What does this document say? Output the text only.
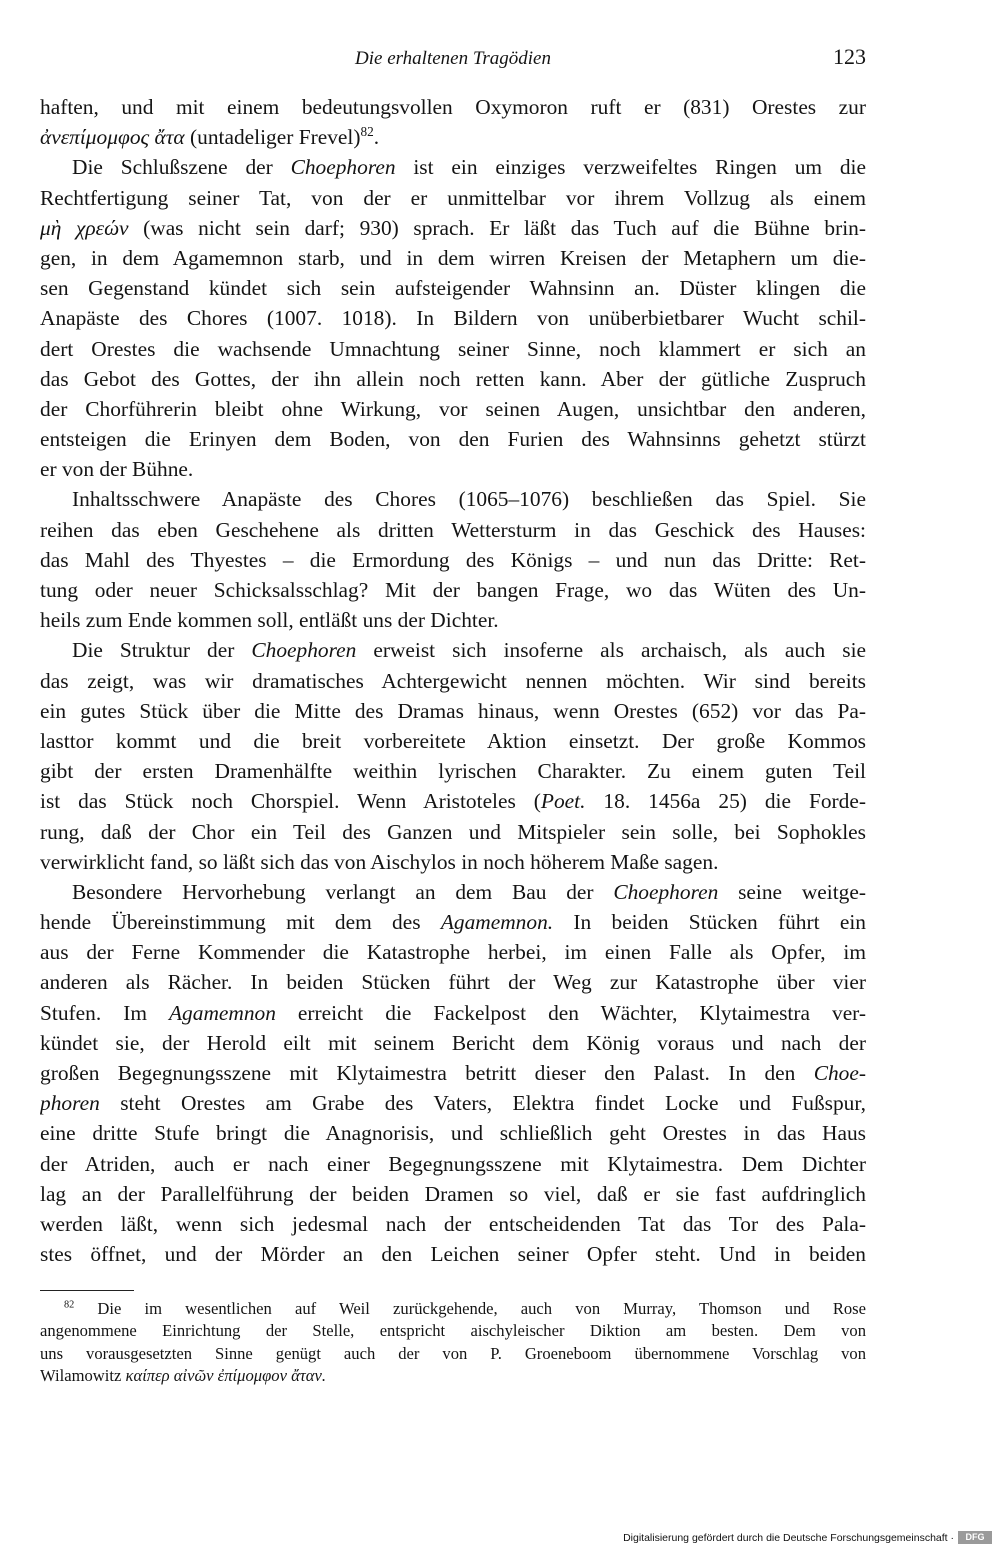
Die erhaltenen Tragödien	123
haften, und mit einem bedeutungsvollen Oxymoron ruft er (831) Orestes zur
ἀνεπίμομφος ἄτα (untadeliger Frevel)$^{82}$.
Die Schlußszene der Choephoren ist ein einziges verzweifeltes Ringen um die
Rechtfertigung seiner Tat, von der er unmittelbar vor ihrem Vollzug als einem
μὴ χρεών (was nicht sein darf; 930) sprach. Er läßt das Tuch auf die Bühne brin-
gen, in dem Agamemnon starb, und in dem wirren Kreisen der Metaphern um die-
sen Gegenstand kündet sich sein aufsteigender Wahnsinn an. Düster klingen die
Anapäste des Chores (1007. 1018). In Bildern von unüberbietbarer Wucht schil-
dert Orestes die wachsende Umnachtung seiner Sinne, noch klammert er sich an
das Gebot des Gottes, der ihn allein noch retten kann. Aber der gütliche Zuspruch
der Chorführerin bleibt ohne Wirkung, vor seinen Augen, unsichtbar den anderen,
entsteigen die Erinyen dem Boden, von den Furien des Wahnsinns gehetzt stürzt
er von der Bühne.
Inhaltsschwere Anapäste des Chores (1065–1076) beschließen das Spiel. Sie
reihen das eben Geschehene als dritten Wettersturm in das Geschick des Hauses:
das Mahl des Thyestes – die Ermordung des Königs – und nun das Dritte: Ret-
tung oder neuer Schicksalsschlag? Mit der bangen Frage, wo das Wüten des Un-
heils zum Ende kommen soll, entläßt uns der Dichter.
Die Struktur der Choephoren erweist sich insoferne als archaisch, als auch sie
das zeigt, was wir dramatisches Achtergewicht nennen möchten. Wir sind bereits
ein gutes Stück über die Mitte des Dramas hinaus, wenn Orestes (652) vor das Pa-
lasttor kommt und die breit vorbereitete Aktion einsetzt. Der große Kommos
gibt der ersten Dramenhälfte weithin lyrischen Charakter. Zu einem guten Teil
ist das Stück noch Chorspiel. Wenn Aristoteles (Poet. 18. 1456a 25) die Forde-
rung, daß der Chor ein Teil des Ganzen und Mitspieler sein solle, bei Sophokles
verwirklicht fand, so läßt sich das von Aischylos in noch höherem Maße sagen.
Besondere Hervorhebung verlangt an dem Bau der Choephoren seine weitge-
hende Übereinstimmung mit dem des Agamemnon. In beiden Stücken führt ein
aus der Ferne Kommender die Katastrophe herbei, im einen Falle als Opfer, im
anderen als Rächer. In beiden Stücken führt der Weg zur Katastrophe über vier
Stufen. Im Agamemnon erreicht die Fackelpost den Wächter, Klytaimestra ver-
kündet sie, der Herold eilt mit seinem Bericht dem König voraus und nach der
großen Begegnungsszene mit Klytaimestra betritt dieser den Palast. In den Choe-
phoren steht Orestes am Grabe des Vaters, Elektra findet Locke und Fußspur,
eine dritte Stufe bringt die Anagnorisis, und schließlich geht Orestes in das Haus
der Atriden, auch er nach einer Begegnungsszene mit Klytaimestra. Dem Dichter
lag an der Parallelführung der beiden Dramen so viel, daß er sie fast aufdringlich
werden läßt, wenn sich jedesmal nach der entscheidenden Tat das Tor des Pala-
stes öffnet, und der Mörder an den Leichen seiner Opfer steht. Und in beiden
$^{82}$ Die im wesentlichen auf Weil zurückgehende, auch von Murray, Thomson und Rose
angenommene Einrichtung der Stelle, entspricht aischyleischer Diktion am besten. Dem von
uns vorausgesetzten Sinne genügt auch der von P. Groeneboom übernommene Vorschlag von
Wilamowitz καίπερ αἰνῶν ἐπίμομφον ἄταν.
Digitalisierung gefördert durch die Deutsche Forschungsgemeinschaft ·	DFG
